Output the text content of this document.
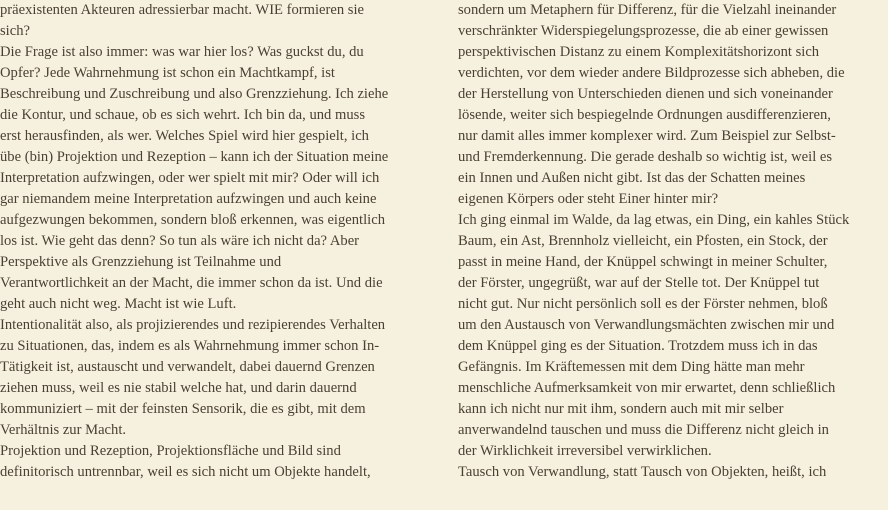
präexistenten Akteuren adressierbar macht. WIE formieren sie
sich?
Die Frage ist also immer: was war hier los? Was guckst du, du
Opfer? Jede Wahrnehmung ist schon ein Machtkampf, ist
Beschreibung und Zuschreibung und also Grenzziehung. Ich ziehe
die Kontur, und schaue, ob es sich wehrt. Ich bin da, und muss
erst herausfinden, als wer. Welches Spiel wird hier gespielt, ich
übe (bin) Projektion und Rezeption – kann ich der Situation meine
Interpretation aufzwingen, oder wer spielt mit mir? Oder will ich
gar niemandem meine Interpretation aufzwingen und auch keine
aufgezwungen bekommen, sondern bloß erkennen, was eigentlich
los ist. Wie geht das denn? So tun als wäre ich nicht da? Aber
Perspektive als Grenzziehung ist Teilnahme und
Verantwortlichkeit an der Macht, die immer schon da ist. Und die
geht auch nicht weg. Macht ist wie Luft.
Intentionalität also, als projizierendes und rezipierendes Verhalten
zu Situationen, das, indem es als Wahrnehmung immer schon In-
Tätigkeit ist, austauscht und verwandelt, dabei dauernd Grenzen
ziehen muss, weil es nie stabil welche hat, und darin dauernd
kommuniziert – mit der feinsten Sensorik, die es gibt, mit dem
Verhältnis zur Macht.
Projektion und Rezeption, Projektionsfläche und Bild sind
definitorisch untrennbar, weil es sich nicht um Objekte handelt,
sondern um Metaphern für Differenz, für die Vielzahl ineinander
verschränkter Widerspiegelungsprozesse, die ab einer gewissen
perspektivischen Distanz zu einem Komplexitätshorizont sich
verdichten, vor dem wieder andere Bildprozesse sich abheben, die
der Herstellung von Unterschieden dienen und sich voneinander
lösende, weiter sich bespiegelnde Ordnungen ausdifferenzieren,
nur damit alles immer komplexer wird. Zum Beispiel zur Selbst-
und Fremderkennung. Die gerade deshalb so wichtig ist, weil es
ein Innen und Außen nicht gibt. Ist das der Schatten meines
eigenen Körpers oder steht Einer hinter mir?
Ich ging einmal im Walde, da lag etwas, ein Ding, ein kahles Stück
Baum, ein Ast, Brennholz vielleicht, ein Pfosten, ein Stock, der
passt in meine Hand, der Knüppel schwingt in meiner Schulter,
der Förster, ungegrüßt, war auf der Stelle tot. Der Knüppel tut
nicht gut. Nur nicht persönlich soll es der Förster nehmen, bloß
um den Austausch von Verwandlungsmächten zwischen mir und
dem Knüppel ging es der Situation. Trotzdem muss ich in das
Gefängnis. Im Kräftemessen mit dem Ding hätte man mehr
menschliche Aufmerksamkeit von mir erwartet, denn schließlich
kann ich nicht nur mit ihm, sondern auch mit mir selber
anverwandelnd tauschen und muss die Differenz nicht gleich in
der Wirklichkeit irreversibel verwirklichen.
Tausch von Verwandlung, statt Tausch von Objekten, heißt, ich
